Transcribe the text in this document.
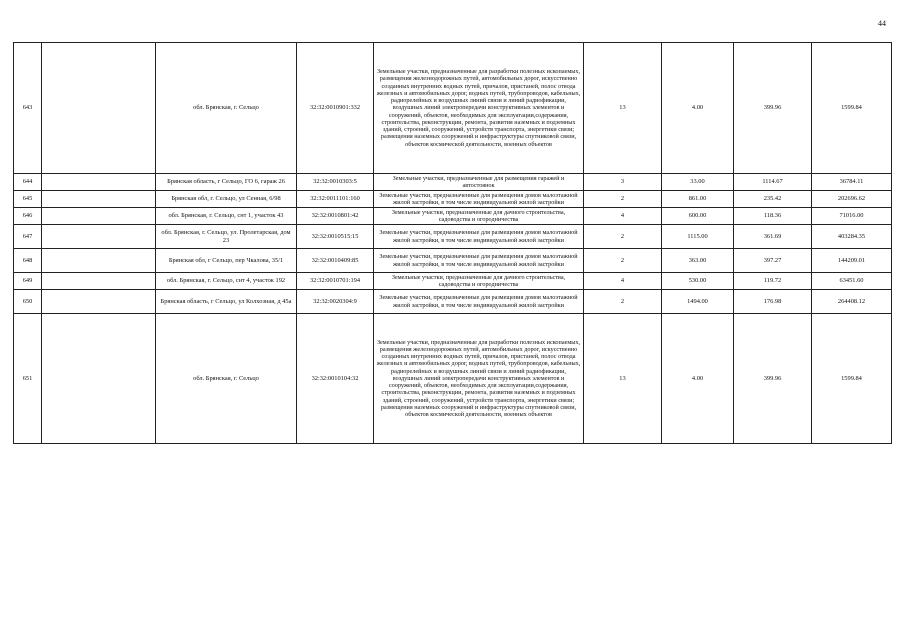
44
643		обл. Брянская, г. Сельцо	32:32:0010901:332	Земельные участки, предназначенные для разработки полезных ископаемых, размещения железнодорожных путей, автомобильных дорог, искусственно созданных внутренних водных путей, причалов, пристаней, полос отвода железных и автомобильных дорог, водных путей, трубопроводов, кабельных, радиорелейных и воздушных линий связи и линий радиофикации, воздушных линий электропередачи конструктивных элементов и сооружений, объектов, необходимых для эксплуатации,содержания, строительства, реконструкции, ремонта, развития наземных и подземных зданий, строений, сооружений, устройств транспорта, энергетики связи; размещения наземных сооружений и инфраструктуры спутниковой связи, объектов космической деятельности, военных объектов	13	4.00	399.96	1599.84
644		Брянская область, г Сельцо, ГО 6, гараж 26	32:32:0010303:5	Земельные участки, предназначенные для размещения гаражей и автостоянок	3	33.00	1114.67	36784.11
645		Брянская обл, г. Сельцо, ул Сенная, 6/98	32:32:0011101:160	Земельные участки, предназначенные для размещения домов малоэтажной жилой застройки, в том числе индивидуальной жилой застройки	2	861.00	235.42	202696.62
646		обл. Брянская, г. Сельцо, снт 1, участок 43	32:32:0010801:42	Земельные участки, предназначенные для дачного строительства, садоводства и огородничества	4	600.00	118.36	71016.00
647		обл. Брянская, г. Сельцо, ул. Пролетарская, дом 23	32:32:0010515:15	Земельные участки, предназначенные для размещения домов малоэтажной жилой застройки, в том числе индивидуальной жилой застройки	2	1115.00	361.69	403284.35
648		Брянская обл, г Сельцо, пер Чкалова, 35/1	32:32:0010409:85	Земельные участки, предназначенные для размещения домов малоэтажной жилой застройки, в том числе индивидуальной жилой застройки	2	363.00	397.27	144209.01
649		обл. Брянская, г. Сельцо, снт 4, участок 192	32:32:0010701:194	Земельные участки, предназначенные для дачного строительства, садоводства и огородничества	4	530.00	119.72	63451.60
650		Брянская область, г Сельцо, ул Колхозная, д 45а	32:32:0020304:9	Земельные участки, предназначенные для размещения домов малоэтажной жилой застройки, в том числе индивидуальной жилой застройки	2	1494.00	176.98	264408.12
651		обл. Брянская, г. Сельцо	32:32:0010104:32	Земельные участки, предназначенные для разработки полезных ископаемых, размещения железнодорожных путей, автомобильных дорог, искусственно созданных внутренних водных путей, причалов, пристаней, полос отвода железных и автомобильных дорог, водных путей, трубопроводов, кабельных, радиорелейных и воздушных линий связи и линий радиофикации, воздушных линий электропередачи конструктивных элементов и сооружений, объектов, необходимых для эксплуатации,содержания, строительства, реконструкции, ремонта, развития наземных и подземных зданий, строений, сооружений, устройств транспорта, энергетики связи; размещения наземных сооружений и инфраструктуры спутниковой связи, объектов космической деятельности, военных объектов	13	4.00	399.96	1599.84
